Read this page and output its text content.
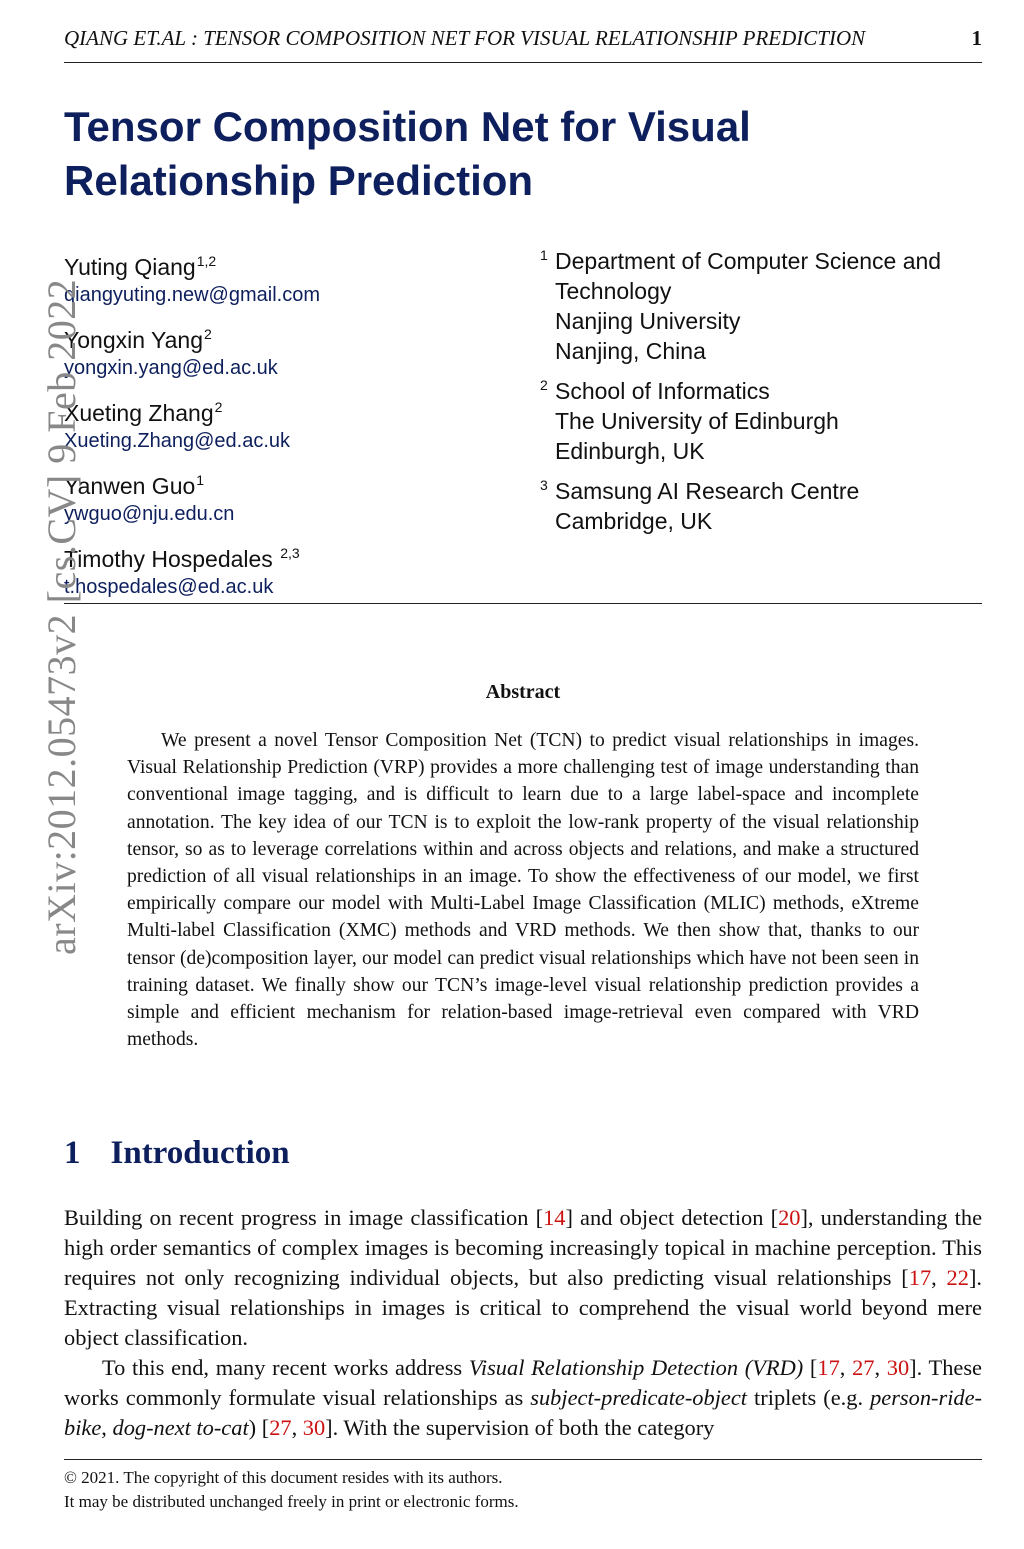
QIANG ET.AL : TENSOR COMPOSITION NET FOR VISUAL RELATIONSHIP PREDICTION	1
Tensor Composition Net for Visual
Relationship Prediction
Yuting Qiang$^{1,2}$
qiangyuting.new@gmail.com
Yongxin Yang$^2$
yongxin.yang@ed.ac.uk
Xueting Zhang$^2$
Xueting.Zhang@ed.ac.uk
Yanwen Guo$^1$
ywguo@nju.edu.cn
Timothy Hospedales $^{2,3}$
t.hospedales@ed.ac.uk
1 Department of Computer Science and
Technology
Nanjing University
Nanjing, China
2 School of Informatics
The University of Edinburgh
Edinburgh, UK
3 Samsung AI Research Centre
Cambridge, UK
arXiv:2012.05473v2 [cs.CV] 9 Feb 2022	Abstract
We present a novel Tensor Composition Net (TCN) to predict visual relationships in images. Visual Relationship Prediction (VRP) provides a more challenging test of image understanding than conventional image tagging, and is difficult to learn due to a large label-space and incomplete annotation. The key idea of our TCN is to exploit the low-rank property of the visual relationship tensor, so as to leverage correlations within and across objects and relations, and make a structured prediction of all visual relationships in an image. To show the effectiveness of our model, we first empirically compare our model with Multi-Label Image Classification (MLIC) methods, eXtreme Multi-label Classification (XMC) methods and VRD methods. We then show that, thanks to our tensor (de)composition layer, our model can predict visual relationships which have not been seen in training dataset. We finally show our TCN’s image-level visual relationship prediction provides a simple and efficient mechanism for relation-based image-retrieval even compared with VRD methods.
1 Introduction

Building on recent progress in image classification [14] and object detection [20], understanding the high order semantics of complex images is becoming increasingly topical in machine perception. This requires not only recognizing individual objects, but also predicting visual relationships [17, 22]. Extracting visual relationships in images is critical to comprehend the visual world beyond mere object classification.

To this end, many recent works address Visual Relationship Detection (VRD) [17, 27, 30]. These works commonly formulate visual relationships as subject-predicate-object triplets (e.g. person-ride-bike, dog-next to-cat) [27, 30]. With the supervision of both the category

© 2021. The copyright of this document resides with its authors.
It may be distributed unchanged freely in print or electronic forms.
